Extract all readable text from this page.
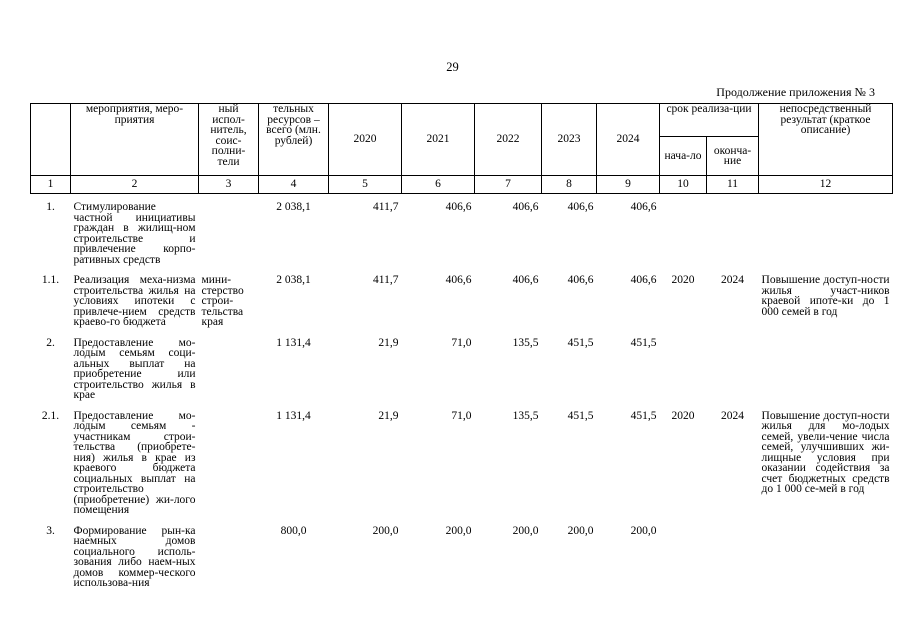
29
Продолжение приложения № 3
	мероприятия, меро-приятия	ный испол-нитель, соис-полни-тели	тельных ресурсов – всего (млн. рублей)	2020	2021	2022	2023	2024	срок реализа-ции		непосредственный результат (краткое описание)
									нача-ло	оконча-ние	
1	2	3	4	5	6	7	8	9	10	11	12

1.	Стимулирование частной инициативы граждан в жилищ-ном строительстве и привлечение корпо-ративных средств		2 038,1	411,7	406,6	406,6	406,6	406,6			

1.1.	Реализация меха-низма строительства жилья на условиях ипотеки с привлече-нием средств краево-го бюджета	мини-стерство строи-тельства края	2 038,1	411,7	406,6	406,6	406,6	406,6	2020	2024	Повышение доступ-ности жилья участ-ников краевой ипоте-ки до 1 000 семей в год

2.	Предоставление мо-лодым семьям соци-альных выплат на приобретение или строительство жилья в крае		1 131,4	21,9	71,0	135,5	451,5	451,5			

2.1.	Предоставление мо-лодым семьям - участникам строи-тельства (приобрете-ния) жилья в крае из краевого бюджета социальных выплат на строительство (приобретение) жи-лого помещения		1 131,4	21,9	71,0	135,5	451,5	451,5	2020	2024	Повышение доступ-ности жилья для мо-лодых семей, увели-чение числа семей, улучшивших жи-лищные условия при оказании содействия за счет бюджетных средств до 1 000 се-мей в год

3.	Формирование рын-ка наемных домов социального исполь-зования либо наем-ных домов коммер-ческого использова-ния		800,0	200,0	200,0	200,0	200,0	200,0			
